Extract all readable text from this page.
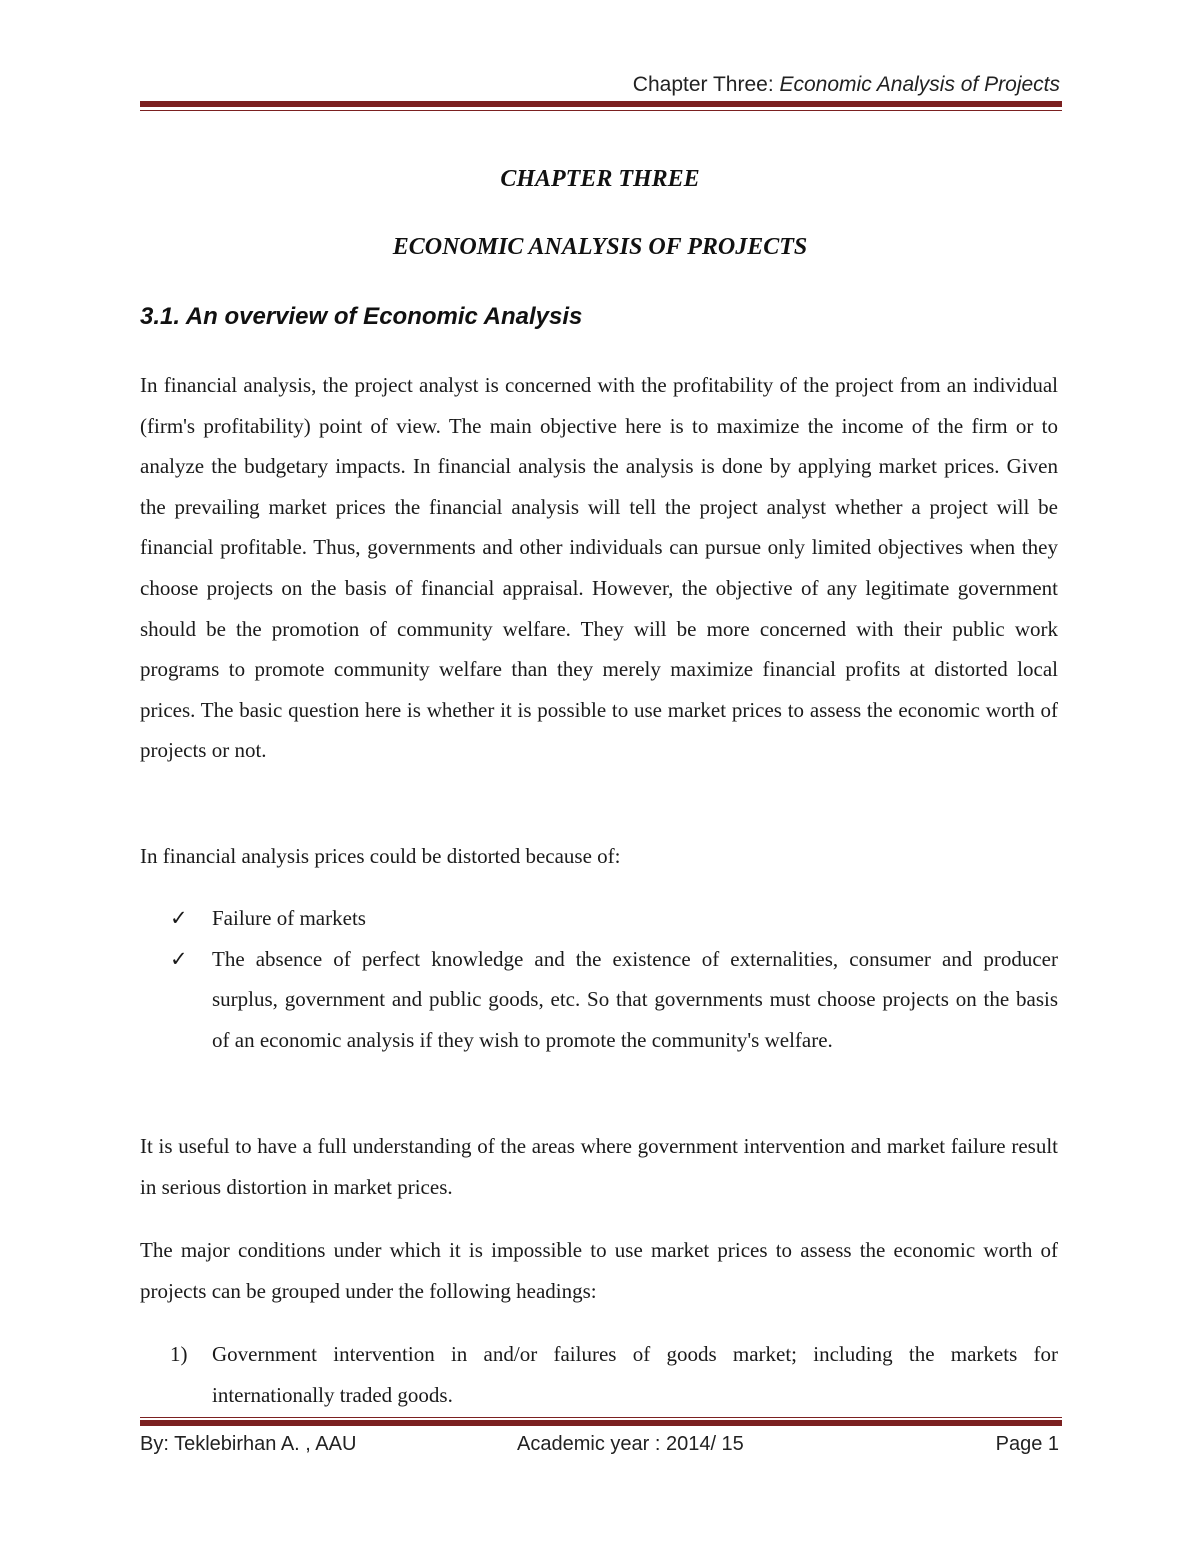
Chapter Three: Economic Analysis of Projects
CHAPTER THREE
ECONOMIC ANALYSIS OF PROJECTS
3.1. An overview of Economic Analysis
In financial analysis, the project analyst is concerned with the profitability of the project from an individual (firm's profitability) point of view. The main objective here is to maximize the income of the firm or to analyze the budgetary impacts. In financial analysis the analysis is done by applying market prices. Given the prevailing market prices the financial analysis will tell the project analyst whether a project will be financial profitable. Thus, governments and other individuals can pursue only limited objectives when they choose projects on the basis of financial appraisal. However, the objective of any legitimate government should be the promotion of community welfare. They will be more concerned with their public work programs to promote community welfare than they merely maximize financial profits at distorted local prices. The basic question here is whether it is possible to use market prices to assess the economic worth of projects or not.
In financial analysis prices could be distorted because of:
✓ Failure of markets
✓ The absence of perfect knowledge and the existence of externalities, consumer and producer surplus, government and public goods, etc. So that governments must choose projects on the basis of an economic analysis if they wish to promote the community's welfare.
It is useful to have a full understanding of the areas where government intervention and market failure result in serious distortion in market prices.
The major conditions under which it is impossible to use market prices to assess the economic worth of projects can be grouped under the following headings:
1) Government intervention in and/or failures of goods market; including the markets for internationally traded goods.
By: Teklebirhan A. , AAU	Academic year : 2014/ 15	Page 1
